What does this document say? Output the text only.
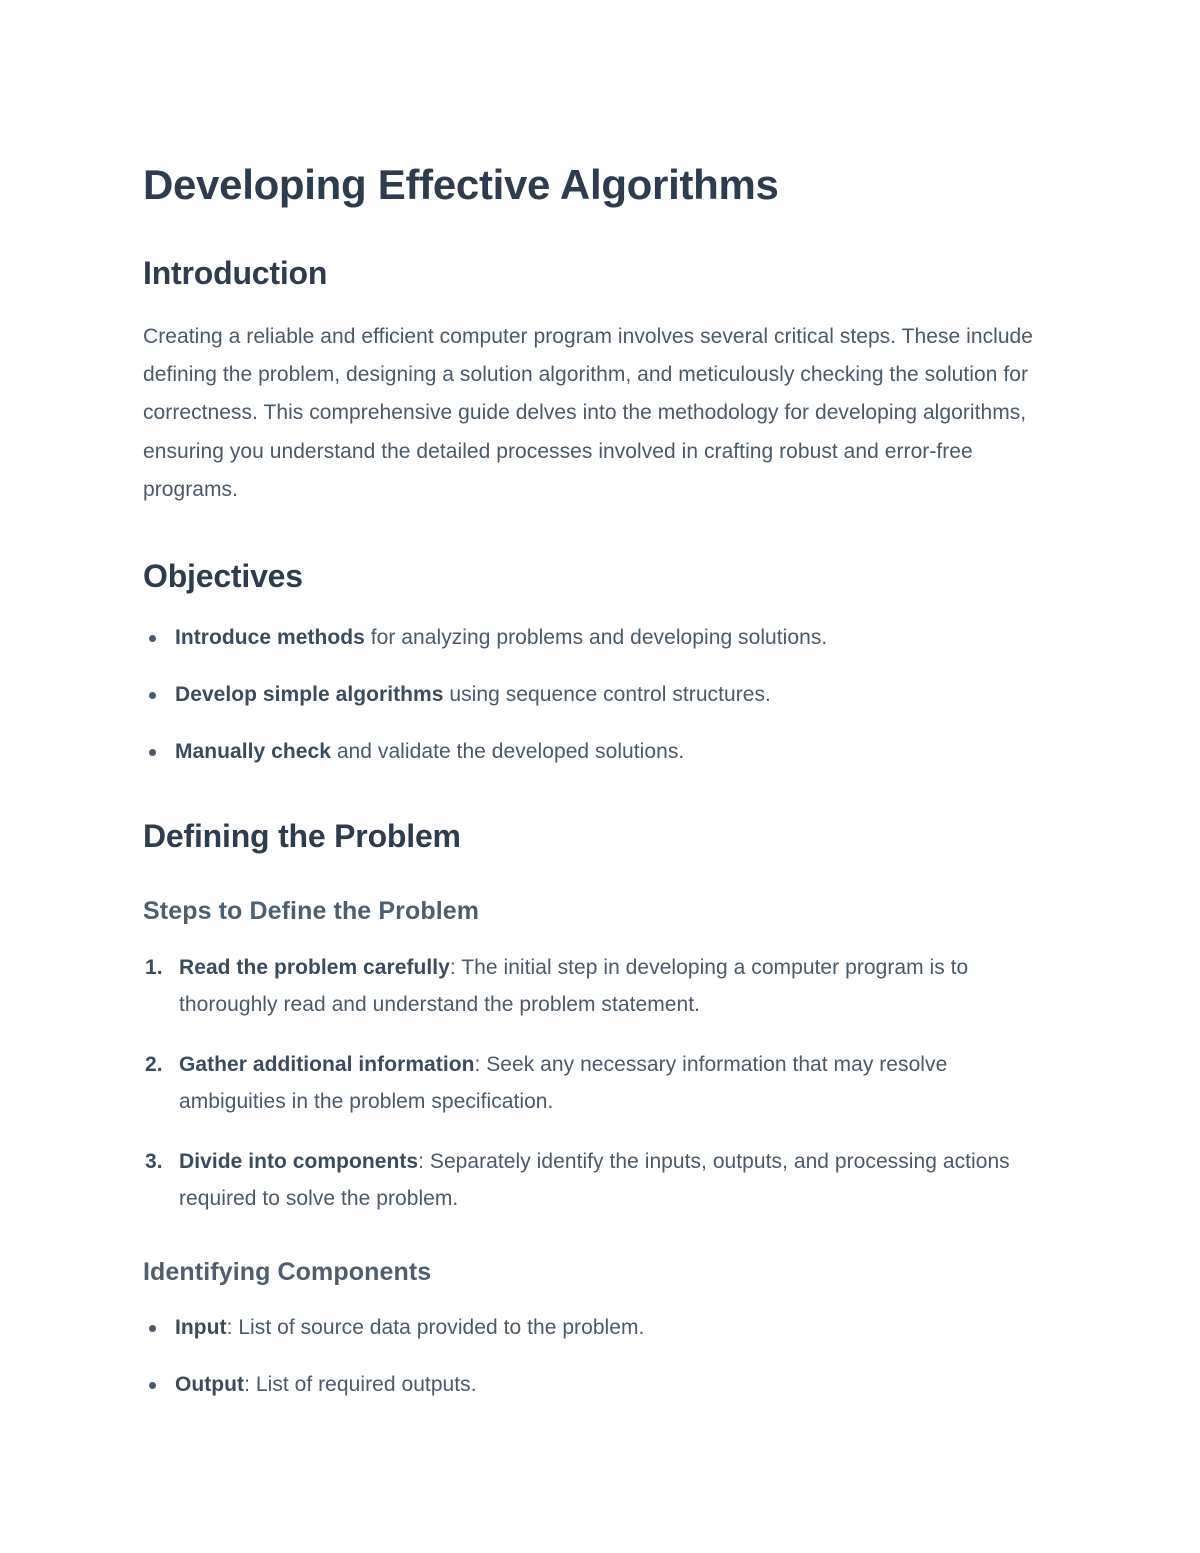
Developing Effective Algorithms
Introduction

Creating a reliable and efficient computer program involves several critical steps. These include defining the problem, designing a solution algorithm, and meticulously checking the solution for correctness. This comprehensive guide delves into the methodology for developing algorithms, ensuring you understand the detailed processes involved in crafting robust and error-free programs.

Objectives
Introduce methods for analyzing problems and developing solutions.
Develop simple algorithms using sequence control structures.
Manually check and validate the developed solutions.
Defining the Problem
Steps to Define the Problem
Read the problem carefully: The initial step in developing a computer program is to thoroughly read and understand the problem statement.
Gather additional information: Seek any necessary information that may resolve ambiguities in the problem specification.
Divide into components: Separately identify the inputs, outputs, and processing actions required to solve the problem.
Identifying Components
Input: List of source data provided to the problem.
Output: List of required outputs.
